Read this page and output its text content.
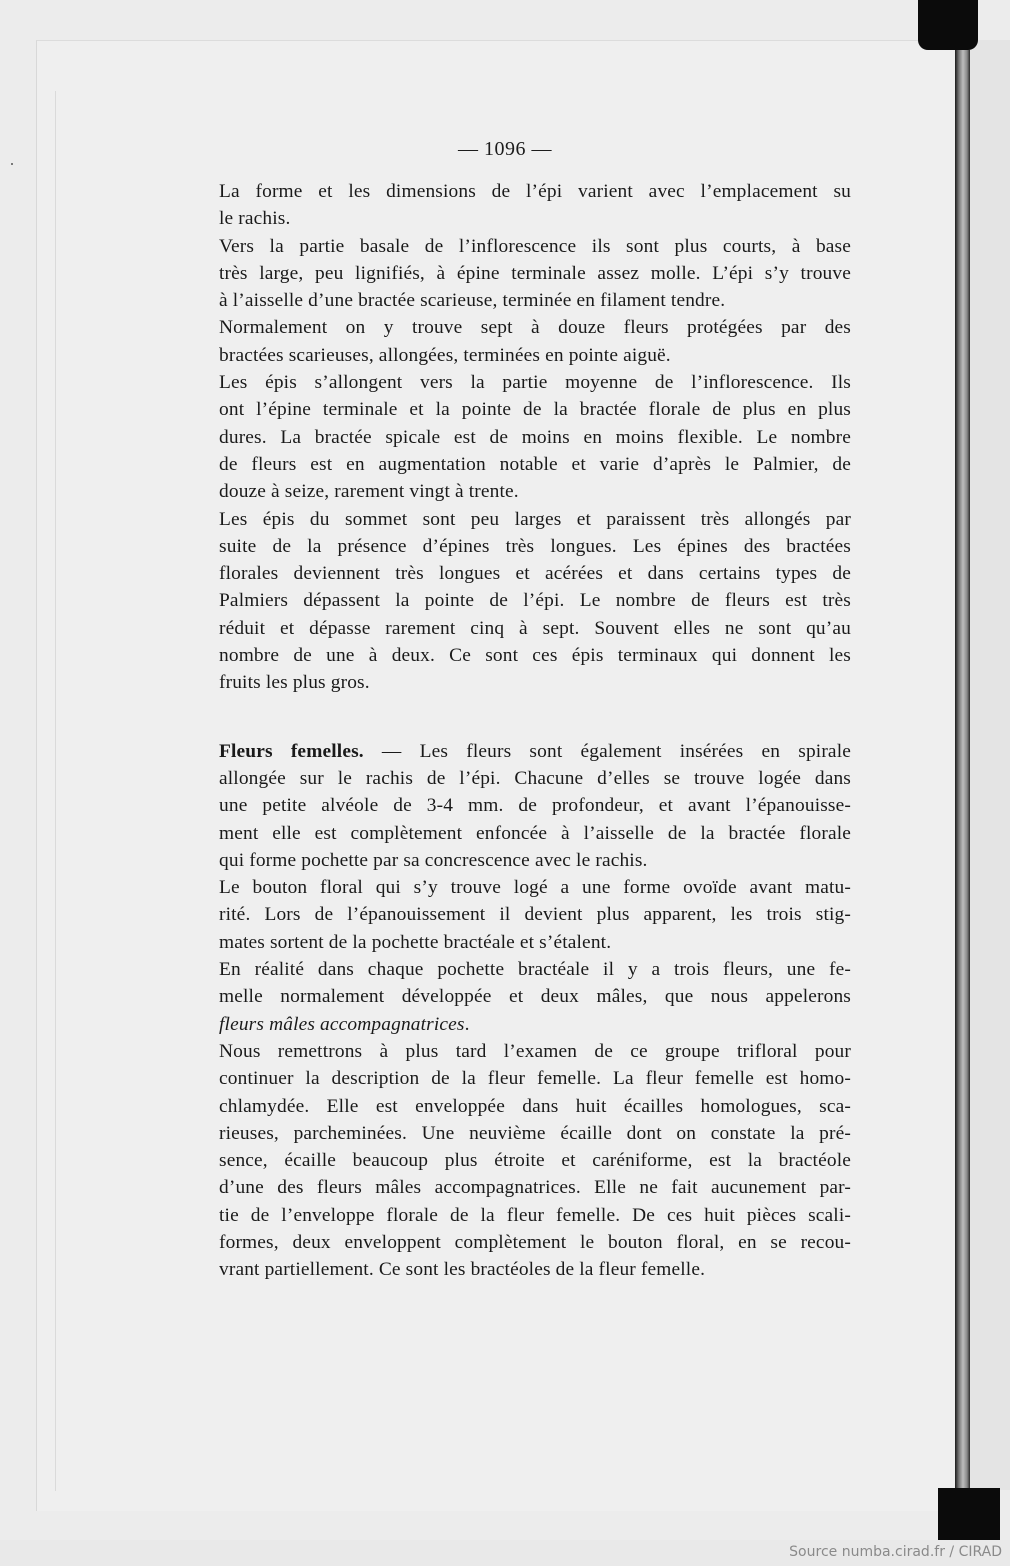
— 1096 —

La forme et les dimensions de l’épi varient avec l’emplacement su
le rachis.

Vers la partie basale de l’inflorescence ils sont plus courts, à base
très large, peu lignifiés, à épine terminale assez molle. L’épi s’y trouve
à l’aisselle d’une bractée scarieuse, terminée en filament tendre.

Normalement on y trouve sept à douze fleurs protégées par des
bractées scarieuses, allongées, terminées en pointe aiguë.

Les épis s’allongent vers la partie moyenne de l’inflorescence. Ils
ont l’épine terminale et la pointe de la bractée florale de plus en plus
dures. La bractée spicale est de moins en moins flexible. Le nombre
de fleurs est en augmentation notable et varie d’après le Palmier, de
douze à seize, rarement vingt à trente.

Les épis du sommet sont peu larges et paraissent très allongés par
suite de la présence d’épines très longues. Les épines des bractées
florales deviennent très longues et acérées et dans certains types de
Palmiers dépassent la pointe de l’épi. Le nombre de fleurs est très
réduit et dépasse rarement cinq à sept. Souvent elles ne sont qu’au
nombre de une à deux. Ce sont ces épis terminaux qui donnent les
fruits les plus gros.

Fleurs femelles. — Les fleurs sont également insérées en spirale
allongée sur le rachis de l’épi. Chacune d’elles se trouve logée dans
une petite alvéole de 3-4 mm. de profondeur, et avant l’épanouisse-
ment elle est complètement enfoncée à l’aisselle de la bractée florale
qui forme pochette par sa concrescence avec le rachis.

Le bouton floral qui s’y trouve logé a une forme ovoïde avant matu-
rité. Lors de l’épanouissement il devient plus apparent, les trois stig-
mates sortent de la pochette bractéale et s’étalent.

En réalité dans chaque pochette bractéale il y a trois fleurs, une fe-
melle normalement développée et deux mâles, que nous appelerons
fleurs mâles accompagnatrices.

Nous remettrons à plus tard l’examen de ce groupe trifloral pour
continuer la description de la fleur femelle. La fleur femelle est homo-
chlamydée. Elle est enveloppée dans huit écailles homologues, sca-
rieuses, parcheminées. Une neuvième écaille dont on constate la pré-
sence, écaille beaucoup plus étroite et caréniforme, est la bractéole
d’une des fleurs mâles accompagnatrices. Elle ne fait aucunement par-
tie de l’enveloppe florale de la fleur femelle. De ces huit pièces scali-
formes, deux enveloppent complètement le bouton floral, en se recou-
vrant partiellement. Ce sont les bractéoles de la fleur femelle.

Source numba.cirad.fr / CIRAD
